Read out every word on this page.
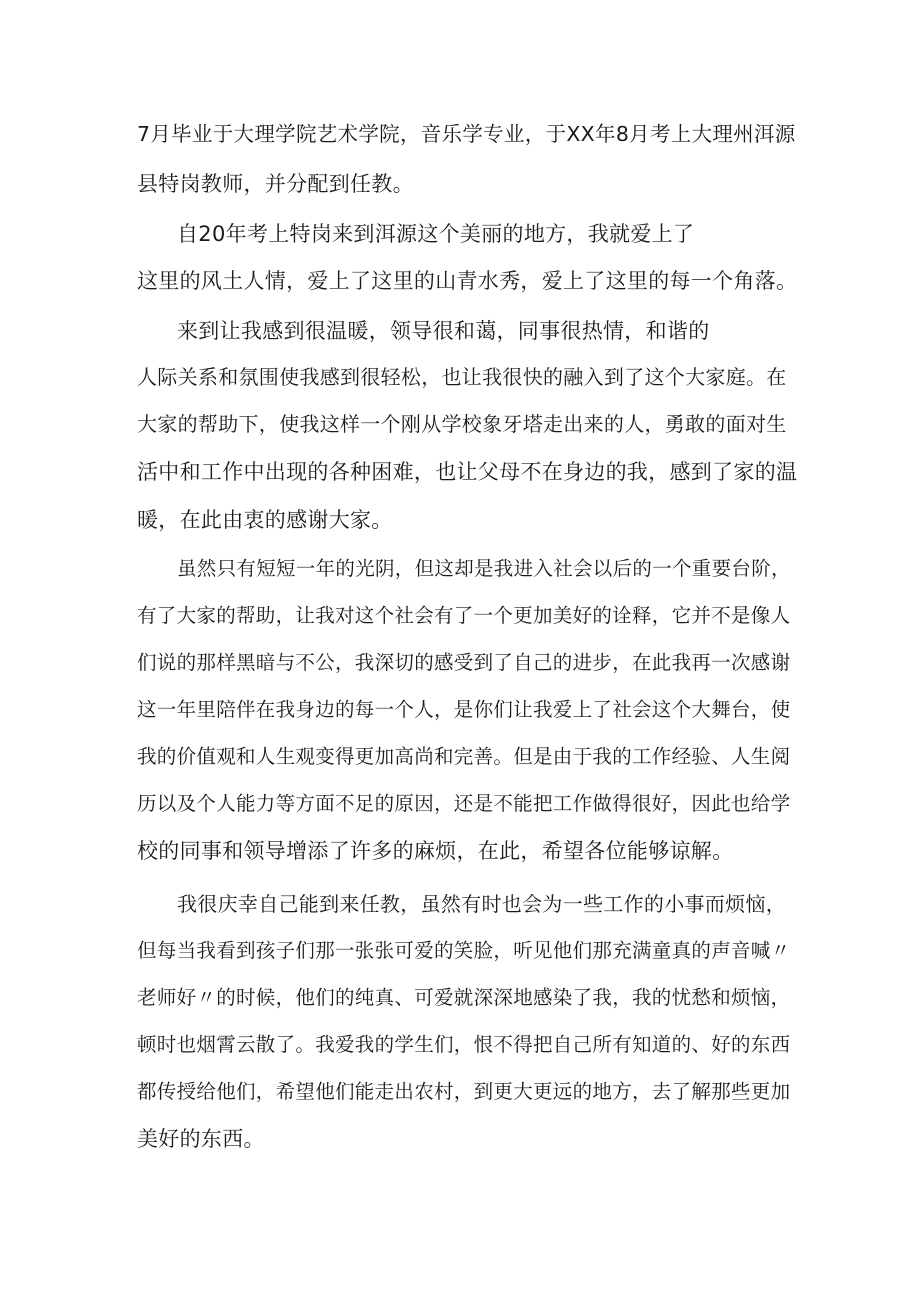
7月毕业于大理学院艺术学院，音乐学专业，于XX年8月考上大理州洱源
县特岗教师，并分配到任教。
自20年考上特岗来到洱源这个美丽的地方，我就爱上了
这里的风土人情，爱上了这里的山青水秀，爱上了这里的每一个角落。
来到让我感到很温暖，领导很和蔼，同事很热情，和谐的
人际关系和氛围使我感到很轻松，也让我很快的融入到了这个大家庭。在
大家的帮助下，使我这样一个刚从学校象牙塔走出来的人，勇敢的面对生
活中和工作中出现的各种困难，也让父母不在身边的我，感到了家的温
暖，在此由衷的感谢大家。
虽然只有短短一年的光阴，但这却是我进入社会以后的一个重要台阶，
有了大家的帮助，让我对这个社会有了一个更加美好的诠释，它并不是像人
们说的那样黑暗与不公，我深切的感受到了自己的进步，在此我再一次感谢
这一年里陪伴在我身边的每一个人，是你们让我爱上了社会这个大舞台，使
我的价值观和人生观变得更加高尚和完善。但是由于我的工作经验、人生阅
历以及个人能力等方面不足的原因，还是不能把工作做得很好，因此也给学
校的同事和领导增添了许多的麻烦，在此，希望各位能够谅解。
我很庆幸自己能到来任教，虽然有时也会为一些工作的小事而烦恼，
但每当我看到孩子们那一张张可爱的笑脸，听见他们那充满童真的声音喊〃
老师好〃的时候，他们的纯真、可爱就深深地感染了我，我的忧愁和烦恼，
顿时也烟霄云散了。我爱我的学生们，恨不得把自己所有知道的、好的东西
都传授给他们，希望他们能走出农村，到更大更远的地方，去了解那些更加
美好的东西。
